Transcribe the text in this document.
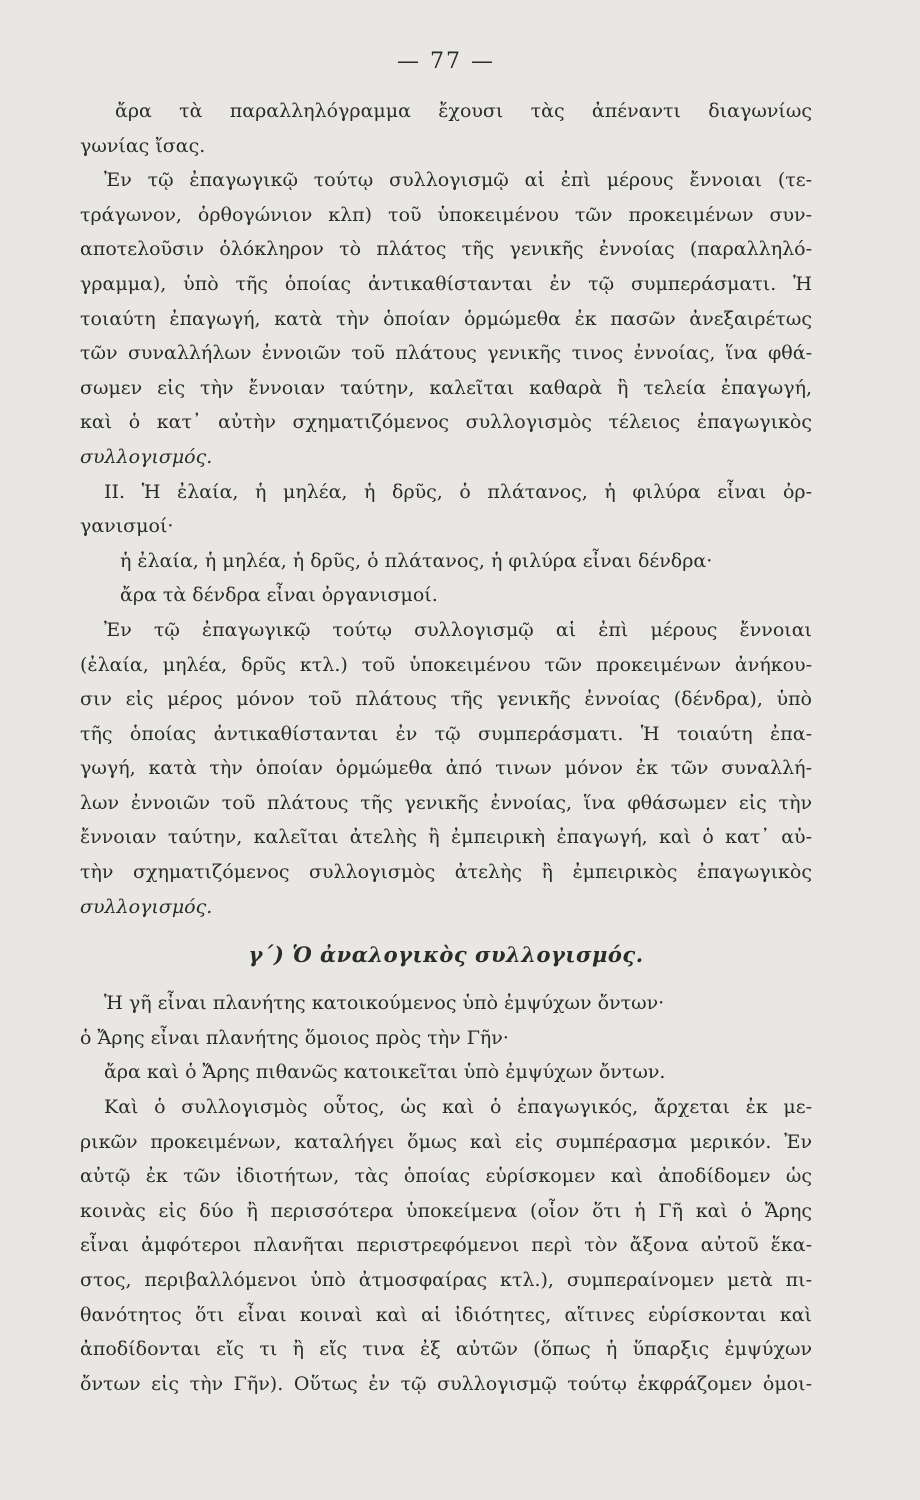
— 77 —
ἄρα τὰ παραλληλόγραμμα ἔχουσι τὰς ἀπέναντι διαγωνίως
γωνίας ἴσας.
Ἐν τῷ ἐπαγωγικῷ τούτῳ συλλογισμῷ αἱ ἐπὶ μέρους ἔννοιαι (τε-
τράγωνον, ὀρθογώνιον κλπ) τοῦ ὑποκειμένου τῶν προκειμένων συν-
αποτελοῦσιν ὁλόκληρον τὸ πλάτος τῆς γενικῆς ἐννοίας (παραλληλό-
γραμμα), ὑπὸ τῆς ὁποίας ἀντικαθίστανται ἐν τῷ συμπεράσματι. Ἡ
τοιαύτη ἐπαγωγή, κατὰ τὴν ὁποίαν ὁρμώμεθα ἐκ πασῶν ἀνεξαιρέτως
τῶν συναλλήλων ἐννοιῶν τοῦ πλάτους γενικῆς τινος ἐννοίας, ἵνα φθά-
σωμεν εἰς τὴν ἔννοιαν ταύτην, καλεῖται καθαρὰ ἢ τελεία ἐπαγωγή,
καὶ ὁ κατ᾿ αὐτὴν σχηματιζόμενος συλλογισμὸς τέλειος ἐπαγωγικὸς
συλλογισμός.
ΙΙ. Ἡ ἐλαία, ἡ μηλέα, ἡ δρῦς, ὁ πλάτανος, ἡ φιλύρα εἶναι ὀρ-
γανισμοί·
ἡ ἐλαία, ἡ μηλέα, ἡ δρῦς, ὁ πλάτανος, ἡ φιλύρα εἶναι δένδρα·
ἄρα τὰ δένδρα εἶναι ὀργανισμοί.
Ἐν τῷ ἐπαγωγικῷ τούτῳ συλλογισμῷ αἱ ἐπὶ μέρους ἔννοιαι
(ἐλαία, μηλέα, δρῦς κτλ.) τοῦ ὑποκειμένου τῶν προκειμένων ἀνήκου-
σιν εἰς μέρος μόνον τοῦ πλάτους τῆς γενικῆς ἐννοίας (δένδρα), ὑπὸ
τῆς ὁποίας ἀντικαθίστανται ἐν τῷ συμπεράσματι. Ἡ τοιαύτη ἐπα-
γωγή, κατὰ τὴν ὁποίαν ὁρμώμεθα ἀπό τινων μόνον ἐκ τῶν συναλλή-
λων ἐννοιῶν τοῦ πλάτους τῆς γενικῆς ἐννοίας, ἵνα φθάσωμεν εἰς τὴν
ἔννοιαν ταύτην, καλεῖται ἀτελὴς ἢ ἐμπειρικὴ ἐπαγωγή, καὶ ὁ κατ᾿ αὐ-
τὴν σχηματιζόμενος συλλογισμὸς ἀτελὴς ἢ ἐμπειρικὸς ἐπαγωγικὸς
συλλογισμός.
γ΄) Ὁ ἀναλογικὸς συλλογισμός.
Ἡ γῆ εἶναι πλανήτης κατοικούμενος ὑπὸ ἐμψύχων ὄντων·
ὁ Ἄρης εἶναι πλανήτης ὅμοιος πρὸς τὴν Γῆν·
ἄρα καὶ ὁ Ἄρης πιθανῶς κατοικεῖται ὑπὸ ἐμψύχων ὄντων.
Καὶ ὁ συλλογισμὸς οὗτος, ὡς καὶ ὁ ἐπαγωγικός, ἄρχεται ἐκ με-
ρικῶν προκειμένων, καταλήγει ὅμως καὶ εἰς συμπέρασμα μερικόν. Ἐν
αὐτῷ ἐκ τῶν ἰδιοτήτων, τὰς ὁποίας εὑρίσκομεν καὶ ἀποδίδομεν ὡς
κοινὰς εἰς δύο ἢ περισσότερα ὑποκείμενα (οἷον ὅτι ἡ Γῆ καὶ ὁ Ἄρης
εἶναι ἀμφότεροι πλανῆται περιστρεφόμενοι περὶ τὸν ἄξονα αὐτοῦ ἕκα-
στος, περιβαλλόμενοι ὑπὸ ἀτμοσφαίρας κτλ.), συμπεραίνομεν μετὰ πι-
θανότητος ὅτι εἶναι κοιναὶ καὶ αἱ ἰδιότητες, αἵτινες εὑρίσκονται καὶ
ἀποδίδονται εἴς τι ἢ εἴς τινα ἐξ αὐτῶν (ὅπως ἡ ὕπαρξις ἐμψύχων
ὄντων εἰς τὴν Γῆν). Οὕτως ἐν τῷ συλλογισμῷ τούτῳ ἐκφράζομεν ὁμοι-
